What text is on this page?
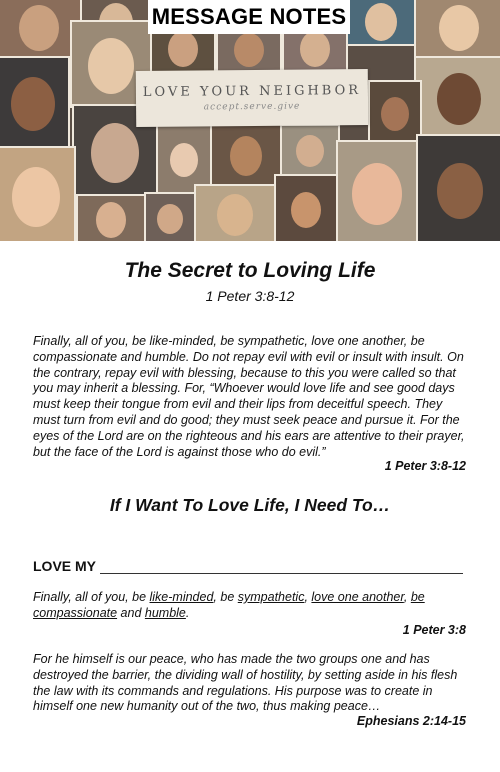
MESSAGE NOTES
LOVE YOUR NEIGHBOR
accept.serve.give
The Secret to Loving Life
1 Peter 3:8-12

Finally, all of you, be like-minded, be sympathetic, love one another, be compassionate and humble. Do not repay evil with evil or insult with insult. On the contrary, repay evil with blessing, because to this you were called so that you may inherit a blessing. For, “Whoever would love life and see good days must keep their tongue from evil and their lips from deceitful speech. They must turn from evil and do good; they must seek peace and pursue it. For the eyes of the Lord are on the righteous and his ears are attentive to their prayer, but the face of the Lord is against those who do evil.”

1 Peter 3:8-12
If I Want To Love Life, I Need To…
LOVE MY

Finally, all of you, be like-minded, be sympathetic, love one another, be compassionate and humble.

1 Peter 3:8

For he himself is our peace, who has made the two groups one and has destroyed the barrier, the dividing wall of hostility, by setting aside in his flesh the law with its commands and regulations. His purpose was to create in himself one new humanity out of the two, thus making peace…

Ephesians 2:14-15
